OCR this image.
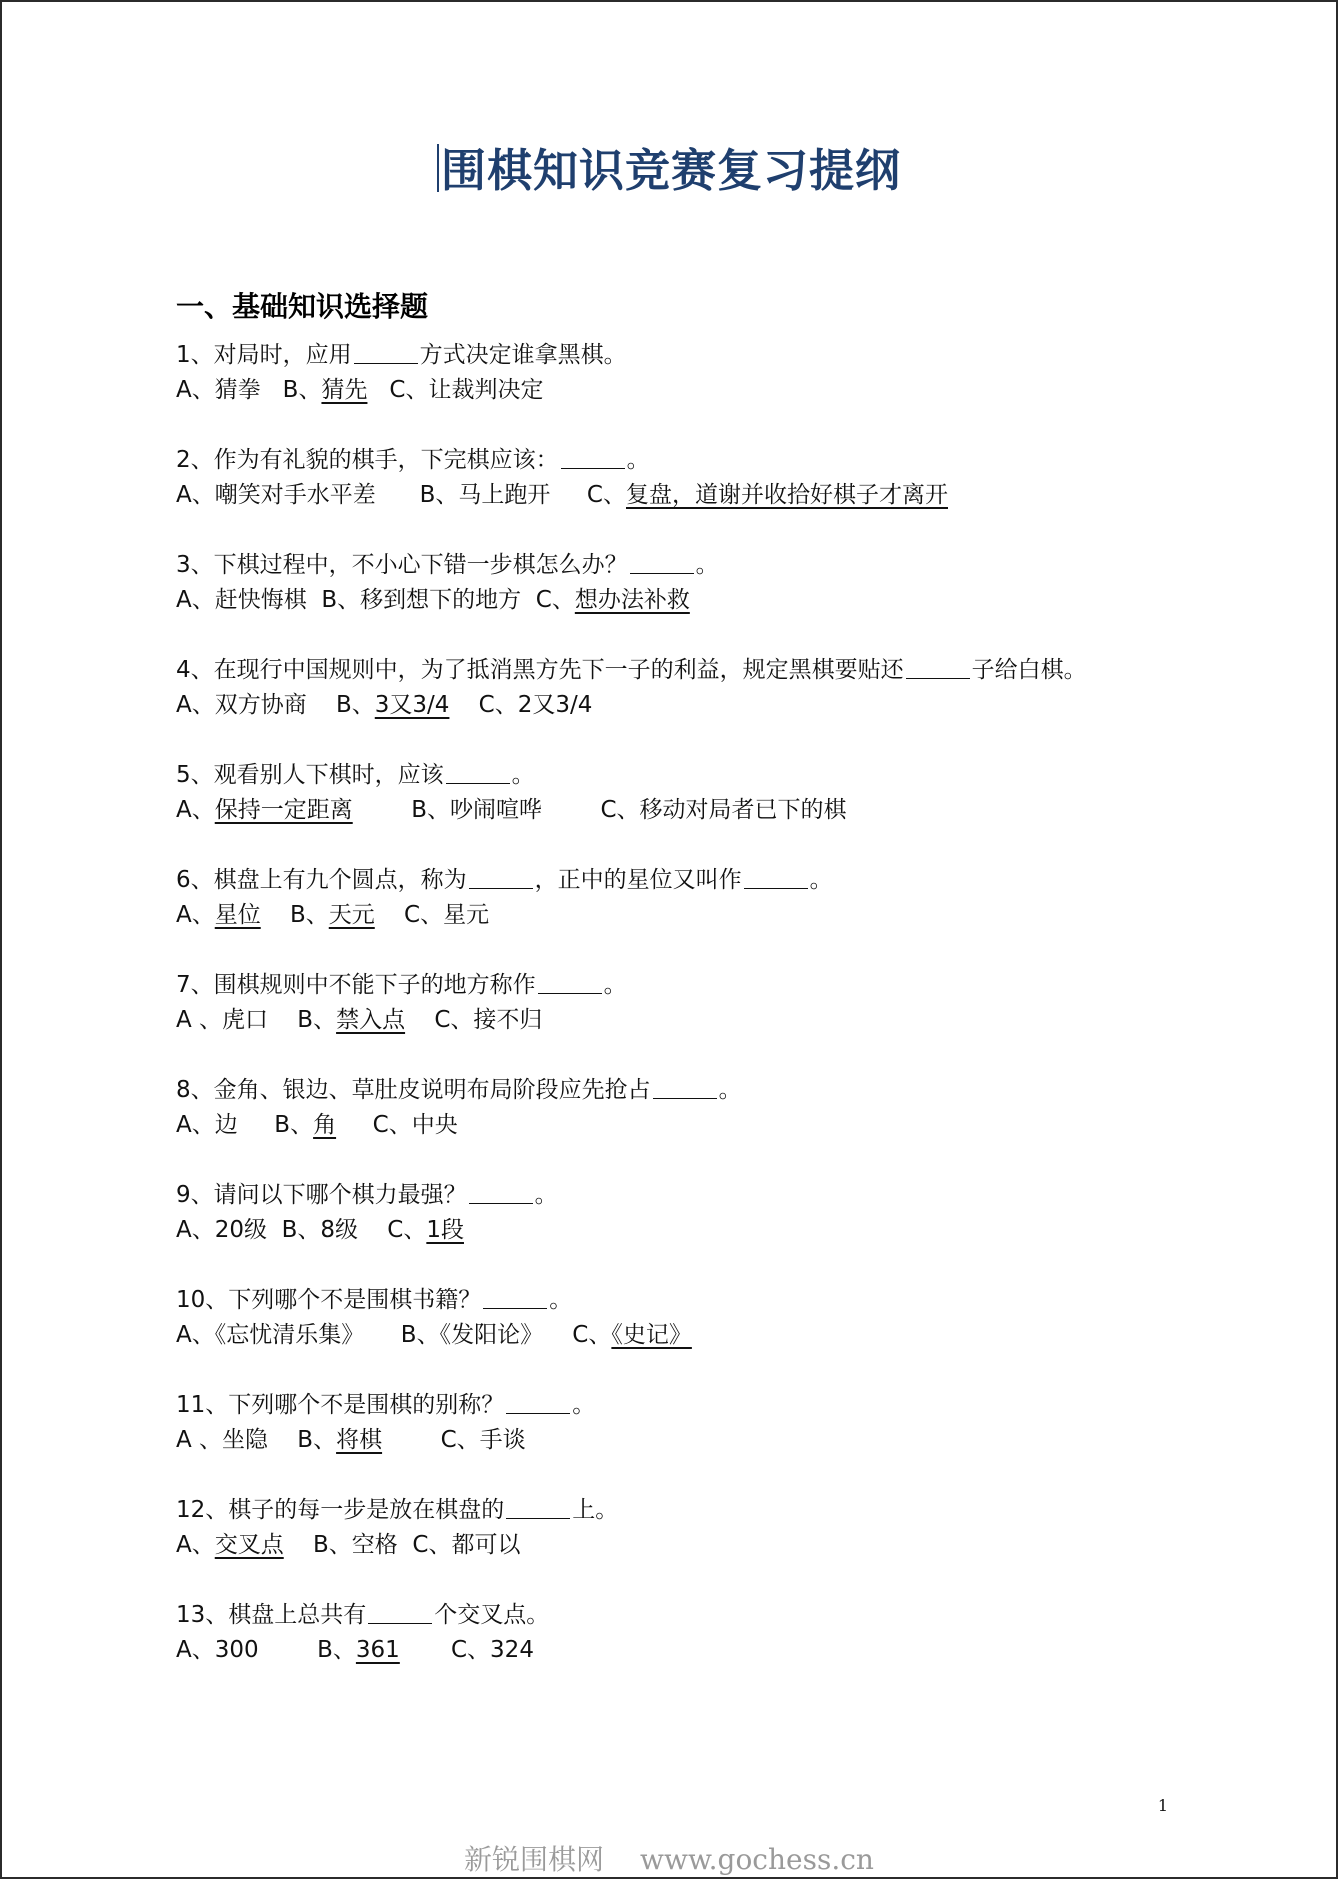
围棋知识竞赛复习提纲
一、基础知识选择题
1、对局时，应用	方式决定谁拿黑棋。
A、猜拳   B、猜先   C、让裁判决定
2、作为有礼貌的棋手，下完棋应该：	。
A、嘲笑对手水平差      B、马上跑开     C、复盘，道谢并收拾好棋子才离开
3、下棋过程中，不小心下错一步棋怎么办？	。
A、赶快悔棋  B、移到想下的地方  C、想办法补救
4、在现行中国规则中，为了抵消黑方先下一子的利益，规定黑棋要贴还	子给白棋。
A、双方协商    B、3又3/4    C、2又3/4
5、观看别人下棋时，应该	。
A、保持一定距离        B、吵闹喧哗        C、移动对局者已下的棋
6、棋盘上有九个圆点，称为	，正中的星位又叫作	。
A、星位    B、天元    C、星元
7、围棋规则中不能下子的地方称作	。
A 、虎口    B、禁入点    C、接不归
8、金角、银边、草肚皮说明布局阶段应先抢占	。
A、边     B、角     C、中央
9、请问以下哪个棋力最强？	。
A、20级  B、8级    C、1段
10、下列哪个不是围棋书籍？	。
A、《忘忧清乐集》     B、《发阳论》    C、《史记》
11、下列哪个不是围棋的别称？	。
A 、坐隐    B、将棋        C、手谈
12、棋子的每一步是放在棋盘的	上。
A、交叉点    B、空格  C、都可以
13、棋盘上总共有	个交叉点。
A、300        B、361       C、324
1
新锐围棋网 www.gochess.cn
